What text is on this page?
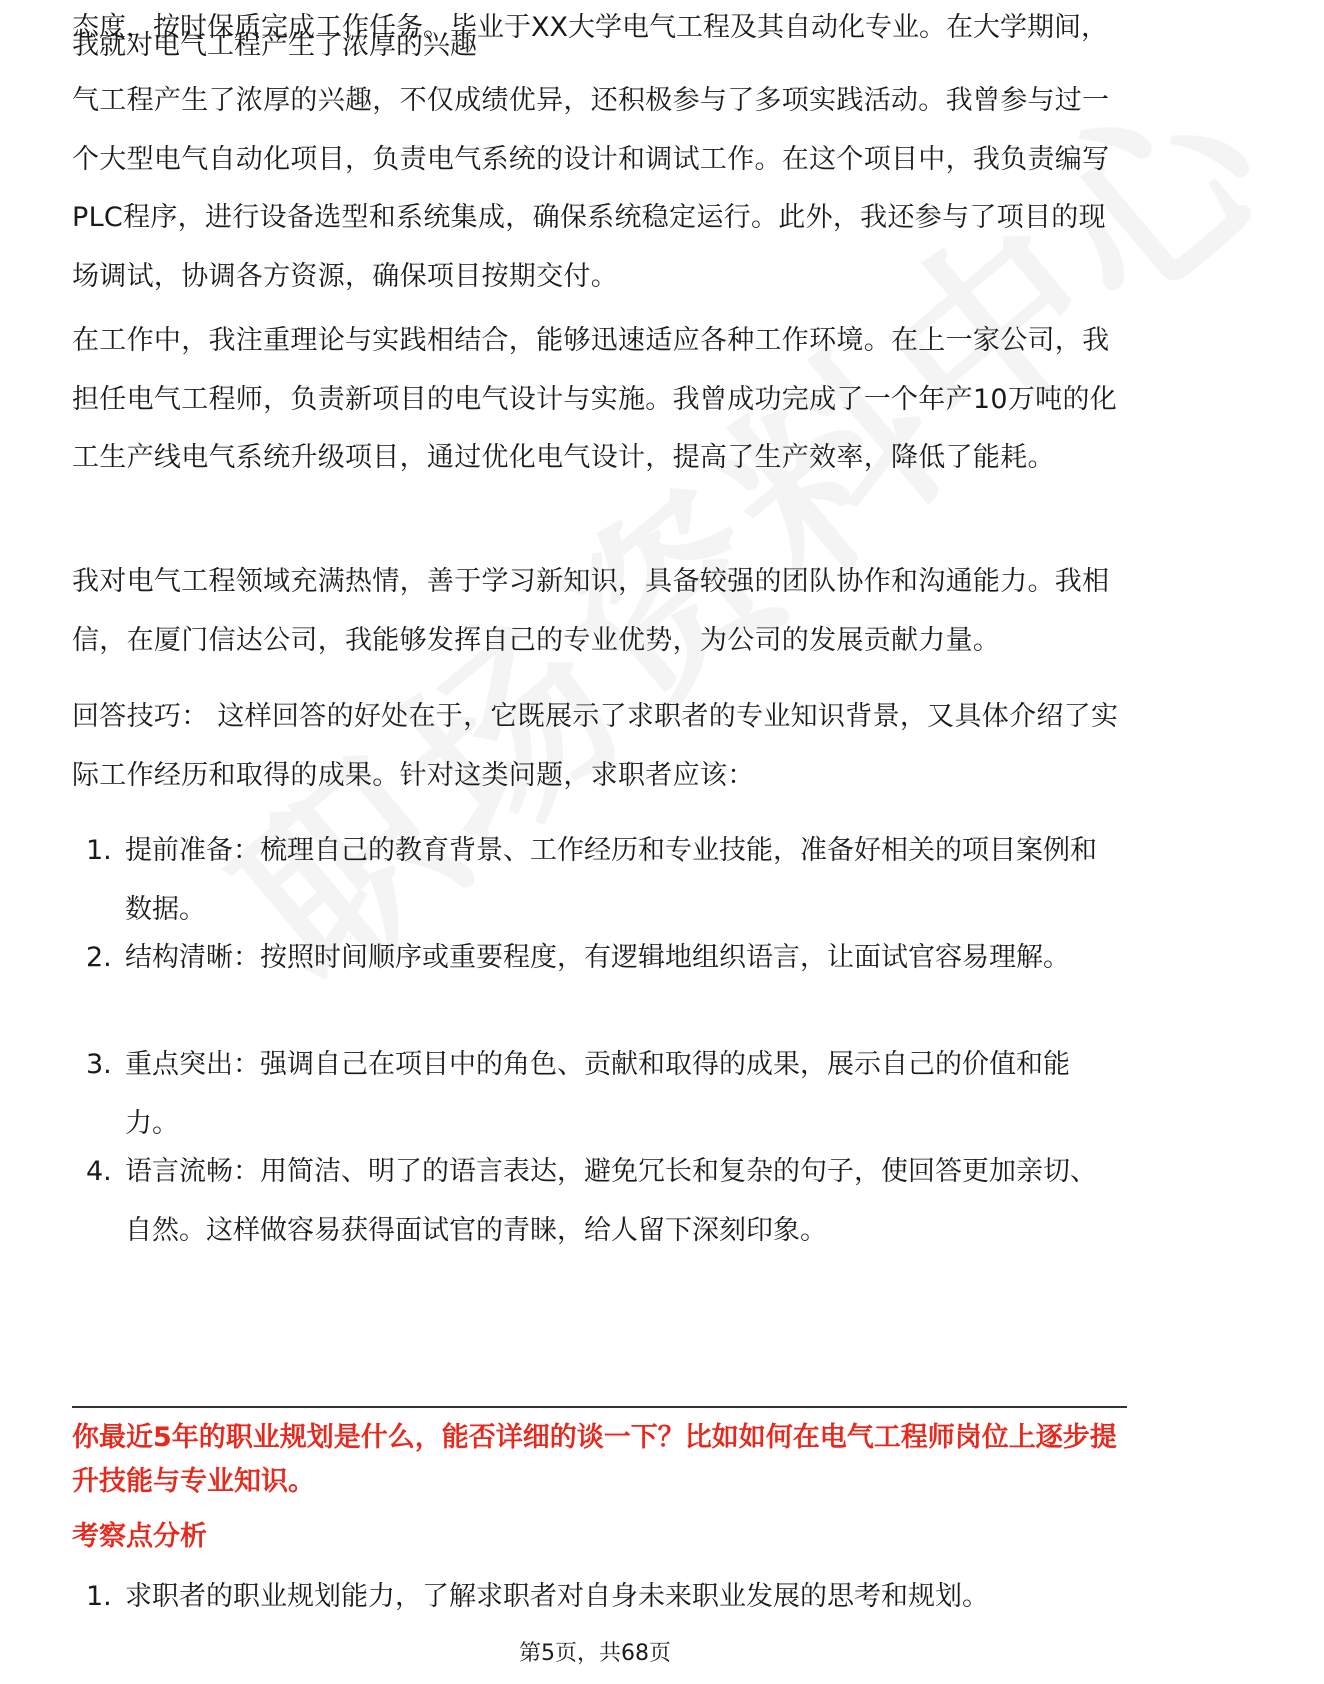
态度，按时保质完成工作任务。毕业于XX大学电气工程及其自动化专业。在大学期间，我就对电气工程产生了浓厚的兴趣
气工程产生了浓厚的兴趣，不仅成绩优异，还积极参与了多项实践活动。我曾参与过一个大型电气自动化项目，负责电气系统的设计和调试工作。在这个项目中，我负责编写PLC程序，进行设备选型和系统集成，确保系统稳定运行。此外，我还参与了项目的现场调试，协调各方资源，确保项目按期交付。
在工作中，我注重理论与实践相结合，能够迅速适应各种工作环境。在上一家公司，我担任电气工程师，负责新项目的电气设计与实施。我曾成功完成了一个年产10万吨的化工生产线电气系统升级项目，通过优化电气设计，提高了生产效率，降低了能耗。
我对电气工程领域充满热情，善于学习新知识，具备较强的团队协作和沟通能力。我相信，在厦门信达公司，我能够发挥自己的专业优势，为公司的发展贡献力量。
回答技巧： 这样回答的好处在于，它既展示了求职者的专业知识背景，又具体介绍了实际工作经历和取得的成果。针对这类问题，求职者应该：
1. 提前准备：梳理自己的教育背景、工作经历和专业技能，准备好相关的项目案例和数据。
2. 结构清晰：按照时间顺序或重要程度，有逻辑地组织语言，让面试官容易理解。
3. 重点突出：强调自己在项目中的角色、贡献和取得的成果，展示自己的价值和能力。
4. 语言流畅：用简洁、明了的语言表达，避免冗长和复杂的句子，使回答更加亲切、自然。这样做容易获得面试官的青睐，给人留下深刻印象。
你最近5年的职业规划是什么，能否详细的谈一下？比如如何在电气工程师岗位上逐步提升技能与专业知识。
考察点分析
1. 求职者的职业规划能力，了解求职者对自身未来职业发展的思考和规划。
第5页，共68页
